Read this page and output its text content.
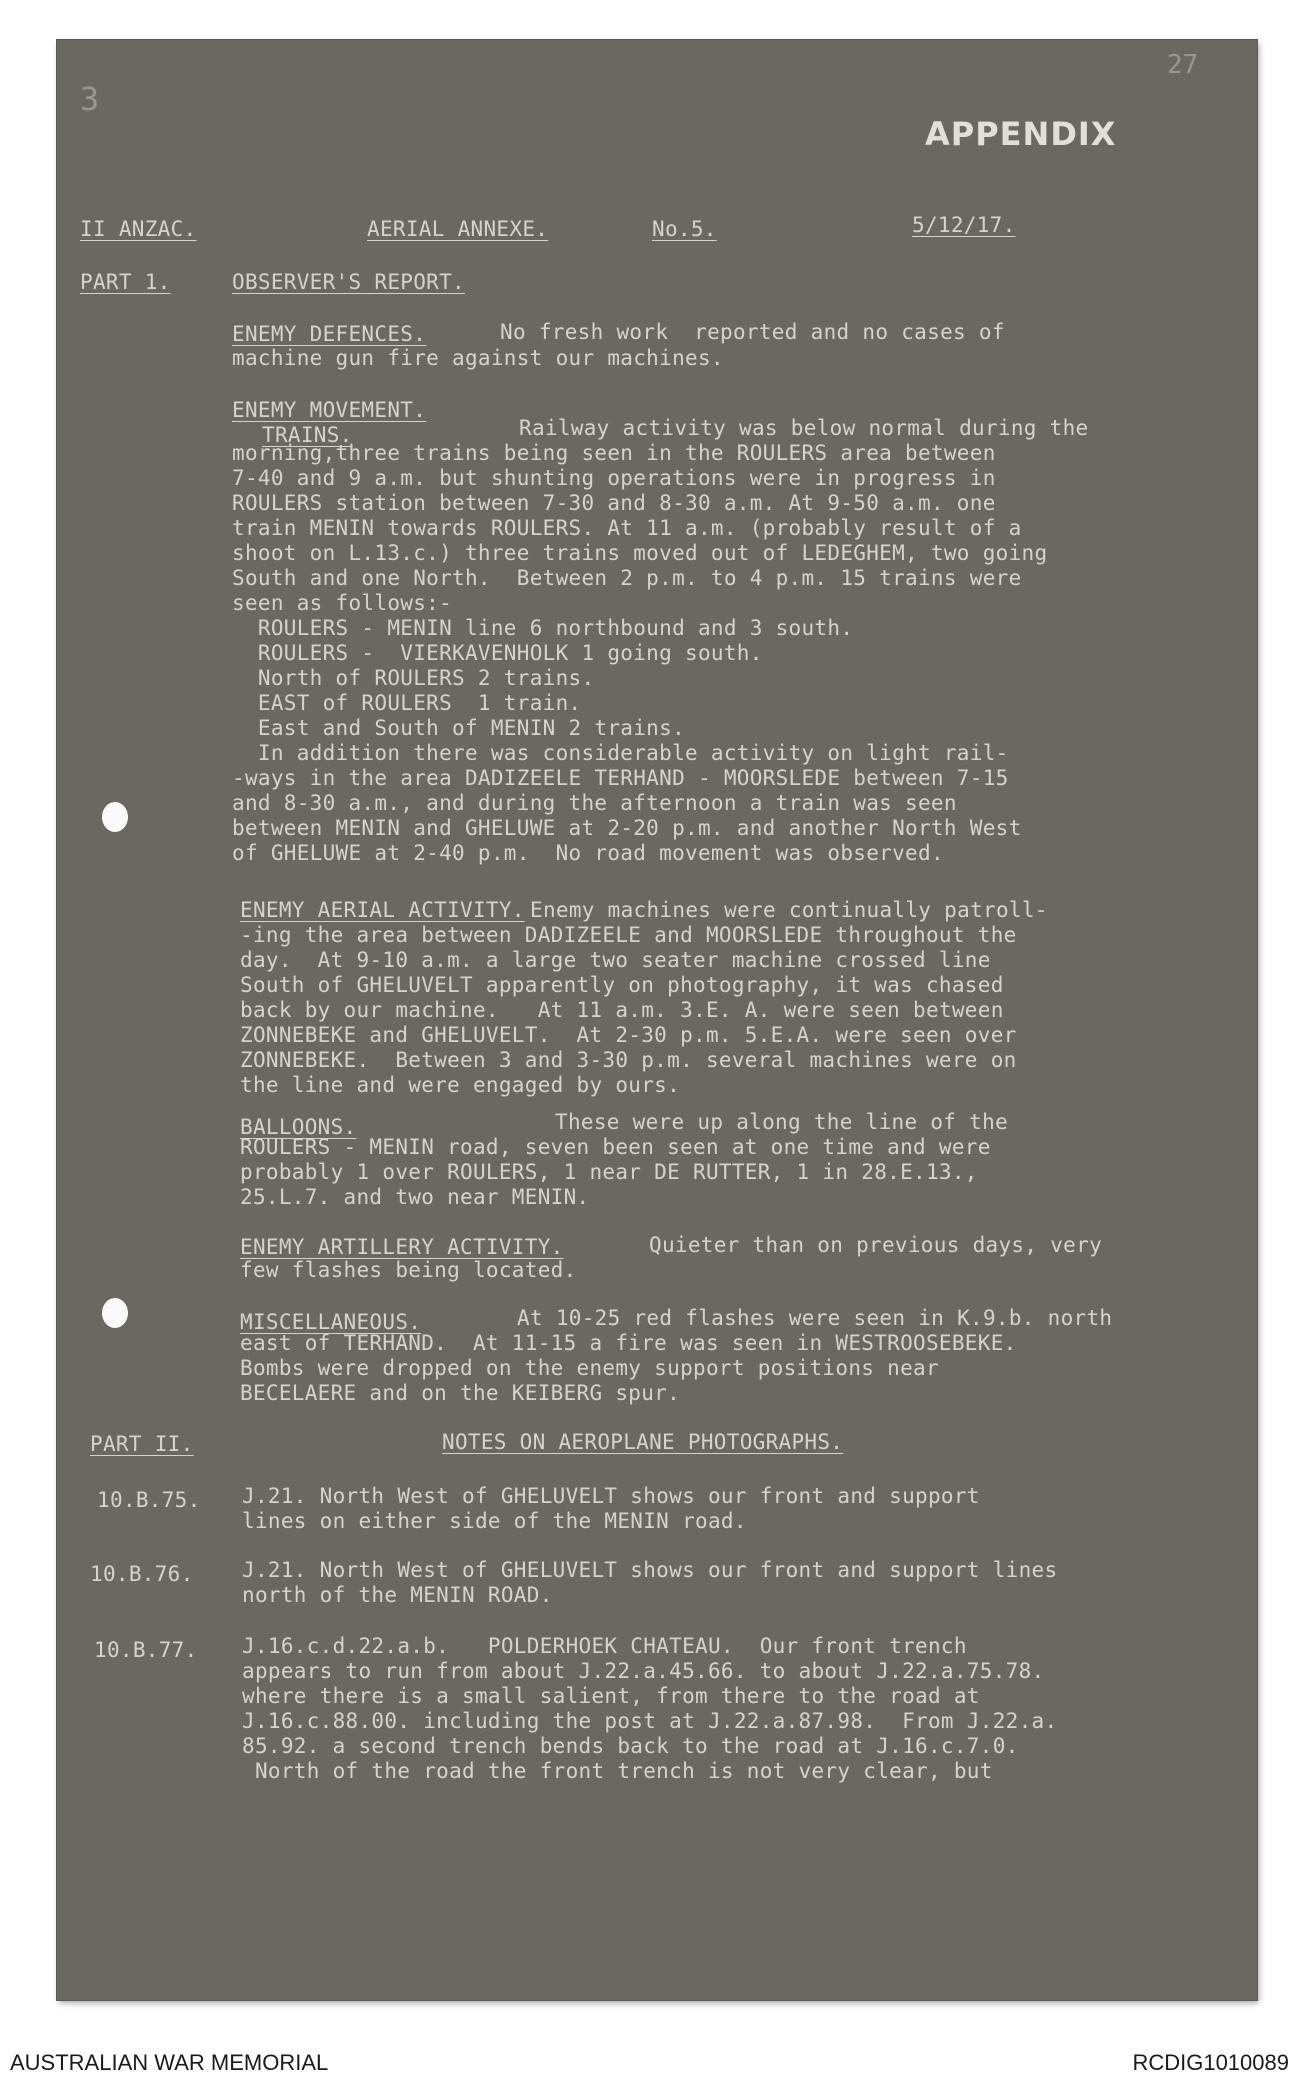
3
27
APPENDIX
II ANZAC.	AERIAL ANNEXE.	No.5.	5/12/17.
PART 1.	OBSERVER'S REPORT.
ENEMY DEFENCES.	No fresh work  reported and no cases of
machine gun fire against our machines.
ENEMY MOVEMENT.
TRAINS.	Railway activity was below normal during the
morning,three trains being seen in the ROULERS area between
7-40 and 9 a.m. but shunting operations were in progress in
ROULERS station between 7-30 and 8-30 a.m. At 9-50 a.m. one
train MENIN towards ROULERS. At 11 a.m. (probably result of a
shoot on L.13.c.) three trains moved out of LEDEGHEM, two going
South and one North.  Between 2 p.m. to 4 p.m. 15 trains were
seen as follows:-
ROULERS - MENIN line 6 northbound and 3 south.
ROULERS -  VIERKAVENHOLK 1 going south.
North of ROULERS 2 trains.
EAST of ROULERS  1 train.
East and South of MENIN 2 trains.
In addition there was considerable activity on light rail-
-ways in the area DADIZEELE TERHAND - MOORSLEDE between 7-15
and 8-30 a.m., and during the afternoon a train was seen
between MENIN and GHELUWE at 2-20 p.m. and another North West
of GHELUWE at 2-40 p.m.  No road movement was observed.
ENEMY AERIAL ACTIVITY. Enemy machines were continually patroll-
-ing the area between DADIZEELE and MOORSLEDE throughout the
day.  At 9-10 a.m. a large two seater machine crossed line
South of GHELUVELT apparently on photography, it was chased
back by our machine.   At 11 a.m. 3.E. A. were seen between
ZONNEBEKE and GHELUVELT.  At 2-30 p.m. 5.E.A. were seen over
ZONNEBEKE.  Between 3 and 3-30 p.m. several machines were on
the line and were engaged by ours.
BALLOONS.	These were up along the line of the
ROULERS - MENIN road, seven been seen at one time and were
probably 1 over ROULERS, 1 near DE RUTTER, 1 in 28.E.13.,
25.L.7. and two near MENIN.
ENEMY ARTILLERY ACTIVITY.	Quieter than on previous days, very
few flashes being located.
MISCELLANEOUS.	At 10-25 red flashes were seen in K.9.b. north
east of TERHAND.  At 11-15 a fire was seen in WESTROOSEBEKE.
Bombs were dropped on the enemy support positions near
BECELAERE and on the KEIBERG spur.
PART II.	NOTES ON AEROPLANE PHOTOGRAPHS.
10.B.75. J.21. North West of GHELUVELT shows our front and support
lines on either side of the MENIN road.
10.B.76. J.21. North West of GHELUVELT shows our front and support lines
north of the MENIN ROAD.
10.B.77. J.16.c.d.22.a.b.   POLDERHOEK CHATEAU.  Our front trench
appears to run from about J.22.a.45.66. to about J.22.a.75.78.
where there is a small salient, from there to the road at
J.16.c.88.00. including the post at J.22.a.87.98.  From J.22.a.
85.92. a second trench bends back to the road at J.16.c.7.0.
North of the road the front trench is not very clear, but
AUSTRALIAN WAR MEMORIAL	RCDIG1010089
